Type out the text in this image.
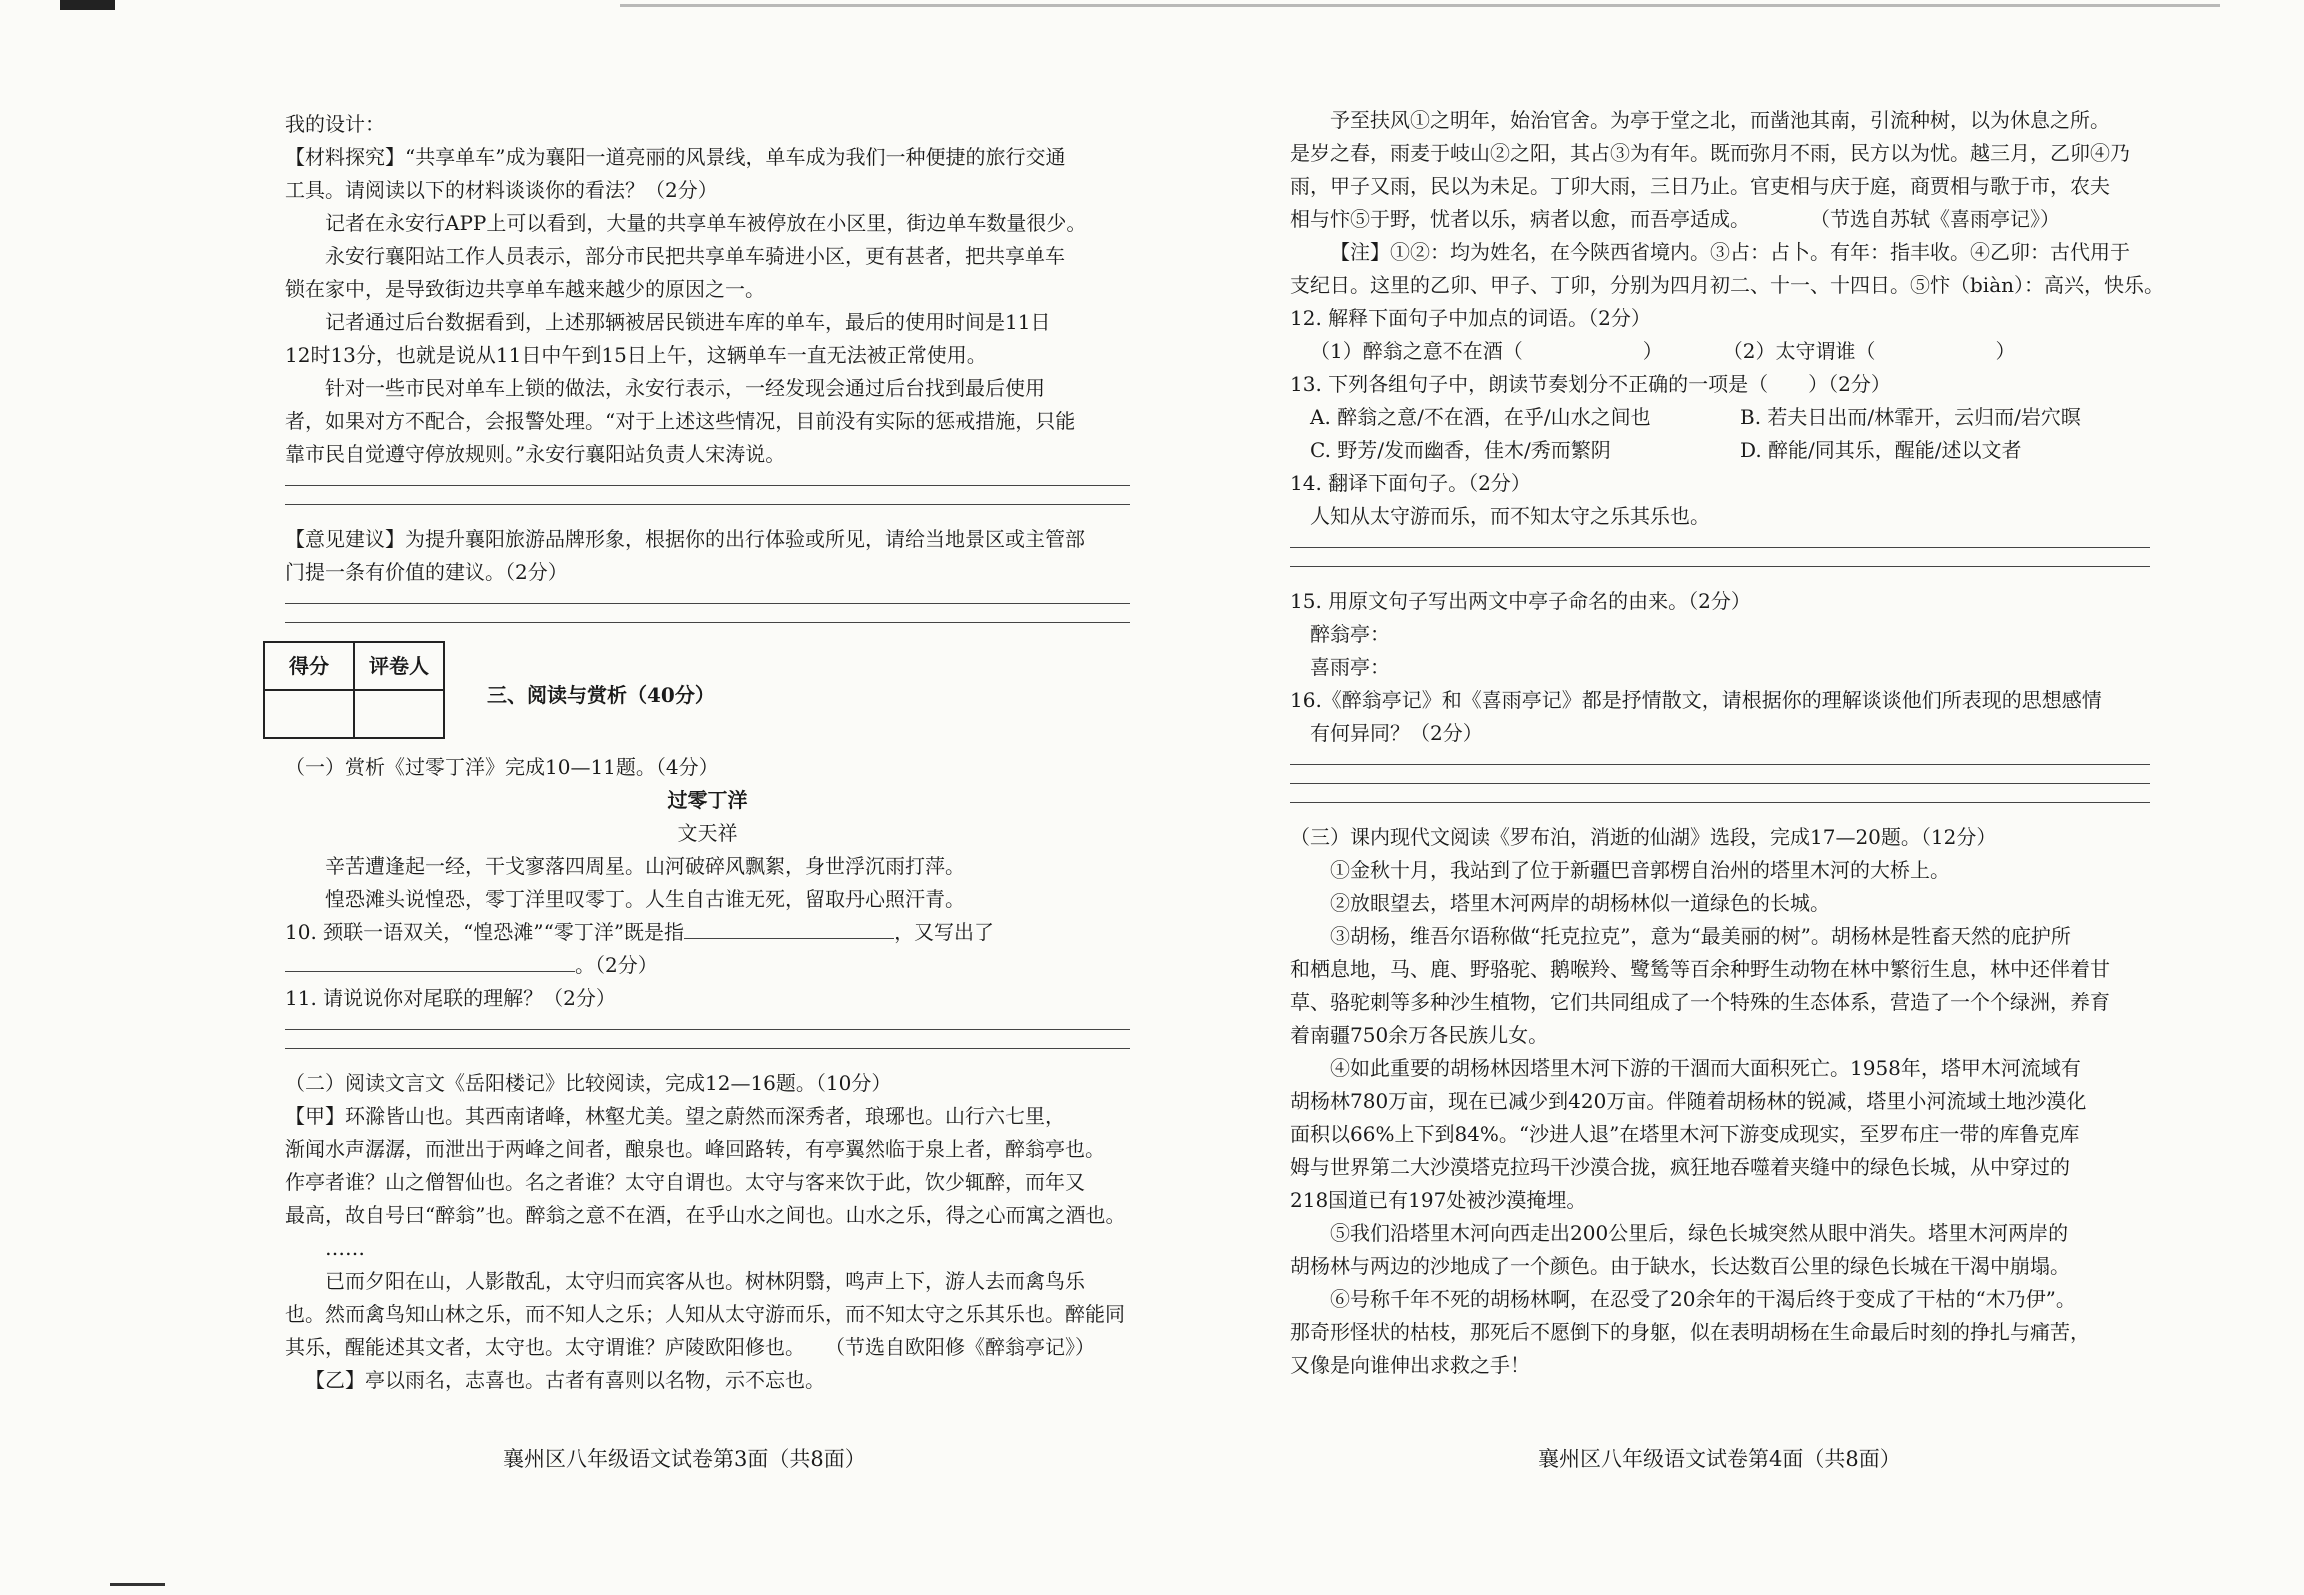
我的设计：

【材料探究】“共享单车”成为襄阳一道亮丽的风景线，单车成为我们一种便捷的旅行交通

工具。请阅读以下的材料谈谈你的看法？（2分）

记者在永安行APP上可以看到，大量的共享单车被停放在小区里，街边单车数量很少。

永安行襄阳站工作人员表示，部分市民把共享单车骑进小区，更有甚者，把共享单车

锁在家中，是导致街边共享单车越来越少的原因之一。

记者通过后台数据看到，上述那辆被居民锁进车库的单车，最后的使用时间是11日

12时13分，也就是说从11日中午到15日上午，这辆单车一直无法被正常使用。

针对一些市民对单车上锁的做法，永安行表示，一经发现会通过后台找到最后使用

者，如果对方不配合，会报警处理。“对于上述这些情况，目前没有实际的惩戒措施，只能

靠市民自觉遵守停放规则。”永安行襄阳站负责人宋涛说。

【意见建议】为提升襄阳旅游品牌形象，根据你的出行体验或所见，请给当地景区或主管部

门提一条有价值的建议。（2分）

得分	评卷人

三、阅读与赏析（40分）

（一）赏析《过零丁洋》完成10—11题。（4分）

过零丁洋

文天祥

辛苦遭逢起一经，干戈寥落四周星。山河破碎风飘絮，身世浮沉雨打萍。

惶恐滩头说惶恐，零丁洋里叹零丁。人生自古谁无死，留取丹心照汗青。

10. 颈联一语双关，“惶恐滩”“零丁洋”既是指	，又写出了

。（2分）

11. 请说说你对尾联的理解？（2分）

（二）阅读文言文《岳阳楼记》比较阅读，完成12—16题。（10分）

【甲】环滁皆山也。其西南诸峰，林壑尤美。望之蔚然而深秀者，琅琊也。山行六七里，

渐闻水声潺潺，而泄出于两峰之间者，酿泉也。峰回路转，有亭翼然临于泉上者，醉翁亭也。

作亭者谁？山之僧智仙也。名之者谁？太守自谓也。太守与客来饮于此，饮少辄醉，而年又

最高，故自号曰“醉翁”也。醉翁之意不在酒，在乎山水之间也。山水之乐，得之心而寓之酒也。

……

已而夕阳在山，人影散乱，太守归而宾客从也。树林阴翳，鸣声上下，游人去而禽鸟乐

也。然而禽鸟知山林之乐，而不知人之乐；人知从太守游而乐，而不知太守之乐其乐也。醉能同

其乐，醒能述其文者，太守也。太守谓谁？庐陵欧阳修也。　　（节选自欧阳修《醉翁亭记》）

【乙】亭以雨名，志喜也。古者有喜则以名物，示不忘也。

襄州区八年级语文试卷第3面（共8面）

予至扶风①之明年，始治官舍。为亭于堂之北，而凿池其南，引流种树，以为休息之所。

是岁之春，雨麦于岐山②之阳，其占③为有年。既而弥月不雨，民方以为忧。越三月，乙卯④乃

雨，甲子又雨，民以为未足。丁卯大雨，三日乃止。官吏相与庆于庭，商贾相与歌于市，农夫

相与忭⑤于野，忧者以乐，病者以愈，而吾亭适成。　　　　（节选自苏轼《喜雨亭记》）

【注】①②：均为姓名，在今陕西省境内。③占：占卜。有年：指丰收。④乙卯：古代用于

支纪日。这里的乙卯、甲子、丁卯，分别为四月初二、十一、十四日。⑤忭（biàn）：高兴，快乐。

12. 解释下面句子中加点的词语。（2分）

（1）醉翁之意不在酒（　　　　　　）	（2）太守谓谁（　　　　　　）

13. 下列各组句子中，朗读节奏划分不正确的一项是（　　）（2分）

A. 醉翁之意/不在酒，在乎/山水之间也	B. 若夫日出而/林霏开，云归而/岩穴暝

C. 野芳/发而幽香，佳木/秀而繁阴	D. 醉能/同其乐，醒能/述以文者

14. 翻译下面句子。（2分）

人知从太守游而乐，而不知太守之乐其乐也。

15. 用原文句子写出两文中亭子命名的由来。（2分）

醉翁亭：

喜雨亭：

16.《醉翁亭记》和《喜雨亭记》都是抒情散文，请根据你的理解谈谈他们所表现的思想感情

有何异同？（2分）

（三）课内现代文阅读《罗布泊，消逝的仙湖》选段，完成17—20题。（12分）

①金秋十月，我站到了位于新疆巴音郭楞自治州的塔里木河的大桥上。

②放眼望去，塔里木河两岸的胡杨林似一道绿色的长城。

③胡杨，维吾尔语称做“托克拉克”，意为“最美丽的树”。胡杨林是牲畜天然的庇护所

和栖息地，马、鹿、野骆驼、鹅喉羚、鹭鸶等百余种野生动物在林中繁衍生息，林中还伴着甘

草、骆驼刺等多种沙生植物，它们共同组成了一个特殊的生态体系，营造了一个个绿洲，养育

着南疆750余万各民族儿女。

④如此重要的胡杨林因塔里木河下游的干涸而大面积死亡。1958年，塔甲木河流域有

胡杨林780万亩，现在已减少到420万亩。伴随着胡杨林的锐减，塔里小河流域土地沙漠化

面积以66%上下到84%。“沙进人退”在塔里木河下游变成现实，至罗布庄一带的库鲁克库

姆与世界第二大沙漠塔克拉玛干沙漠合拢，疯狂地吞噬着夹缝中的绿色长城，从中穿过的

218国道已有197处被沙漠掩埋。

⑤我们沿塔里木河向西走出200公里后，绿色长城突然从眼中消失。塔里木河两岸的

胡杨林与两边的沙地成了一个颜色。由于缺水，长达数百公里的绿色长城在干渴中崩塌。

⑥号称千年不死的胡杨林啊，在忍受了20余年的干渴后终于变成了干枯的“木乃伊”。

那奇形怪状的枯枝，那死后不愿倒下的身躯，似在表明胡杨在生命最后时刻的挣扎与痛苦，

又像是向谁伸出求救之手！

襄州区八年级语文试卷第4面（共8面）
